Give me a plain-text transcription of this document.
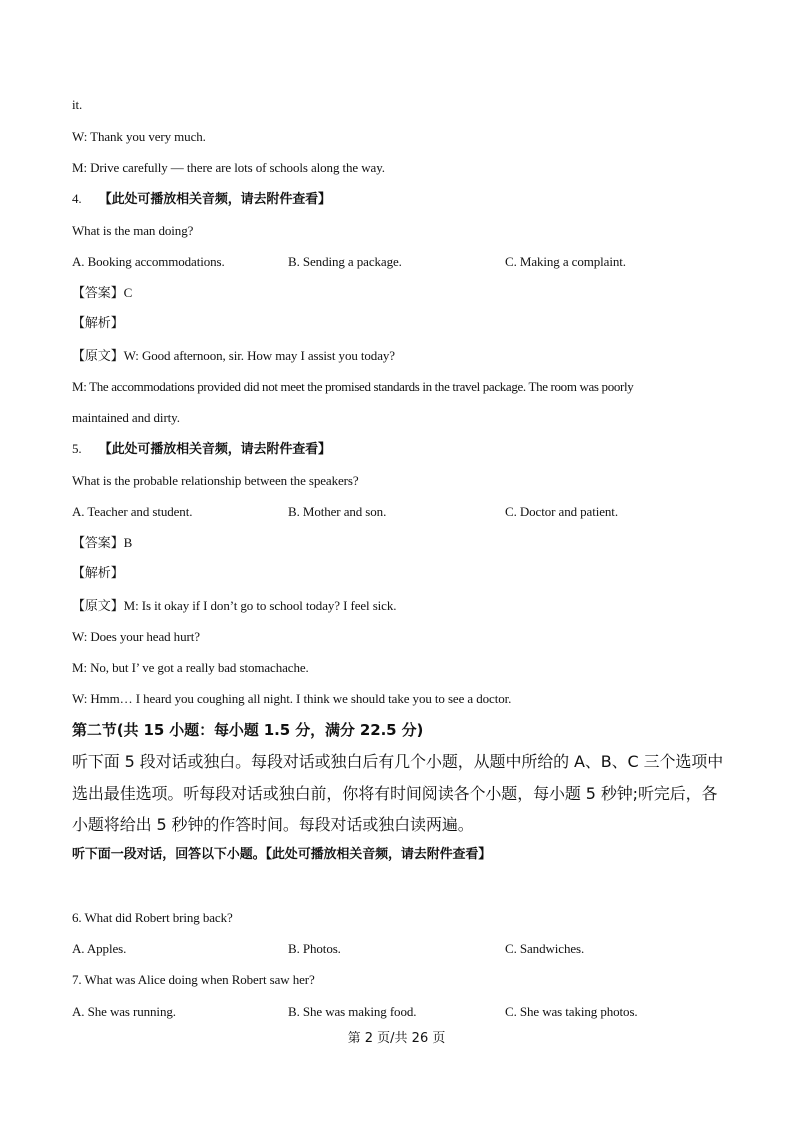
it.
W: Thank you very much.
M: Drive carefully — there are lots of schools along the way.
4. 【此处可播放相关音频，请去附件查看】
What is the man doing?
A. Booking accommodations.	B. Sending a package.	C. Making a complaint.
【答案】C
【解析】
【原文】W: Good afternoon, sir. How may I assist you today?
M: The accommodations provided did not meet the promised standards in the travel package. The room was poorly
maintained and dirty.
5. 【此处可播放相关音频，请去附件查看】
What is the probable relationship between the speakers?
A. Teacher and student.	B. Mother and son.	C. Doctor and patient.
【答案】B
【解析】
【原文】M: Is it okay if I don’t go to school today? I feel sick.
W: Does your head hurt?
M: No, but I’ ve got a really bad stomachache.
W: Hmm… I heard you coughing all night. I think we should take you to see a doctor.
第二节(共 15 小题：每小题 1.5 分，满分 22.5 分)
听下面 5 段对话或独白。每段对话或独白后有几个小题，从题中所给的 A、B、C 三个选项中
选出最佳选项。听每段对话或独白前，你将有时间阅读各个小题，每小题 5 秒钟;听完后，各
小题将给出 5 秒钟的作答时间。每段对话或独白读两遍。
听下面一段对话，回答以下小题。【此处可播放相关音频，请去附件查看】
6. What did Robert bring back?
A. Apples.	B. Photos.	C. Sandwiches.
7. What was Alice doing when Robert saw her?
A. She was running.	B. She was making food.	C. She was taking photos.
第 2 页/共 26 页
